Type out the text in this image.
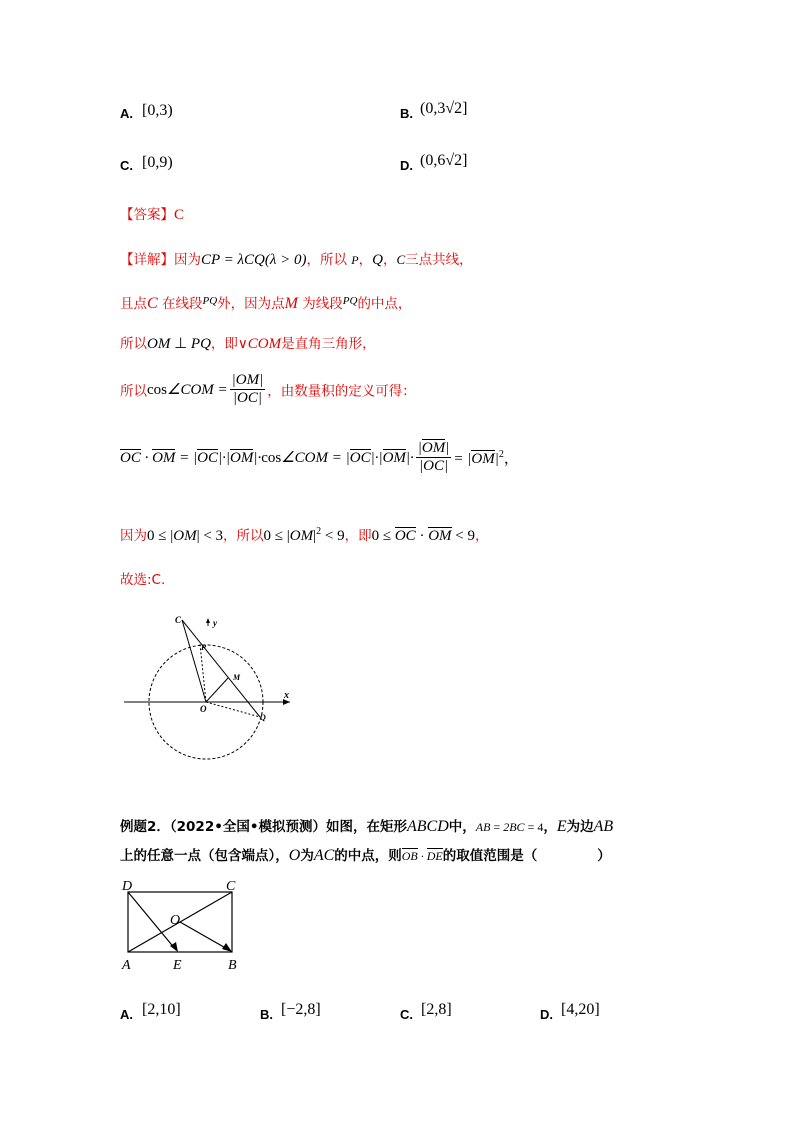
A. [0,3)	B. (0,3√2]
C. [0,9)	D. (0,6√2]
【答案】C
【详解】因为CP = λCQ(λ > 0)，所以 P，Q，C三点共线，
且点C 在线段$^{PQ}$外，因为点M 为线段$^{PQ}$的中点，
所以OM ⊥ PQ，即∨COM是直角三角形，
所以cos∠COM = $\frac{|OM|}{|OC|}$ ，由数量积的定义可得：
OC · OM = |OC|·|OM|·cos∠COM = $|OC|\cdot|OM|\cdot \frac{|OM|}{|OC|} = |OM|^2$，
因为0 ≤ |OM| < 3，所以$0 \le |OM|^2 < 9$，即0 ≤ OC · OM < 9，
故选:C.
C	y
P
M
x
O
Q
例题2．（2022•全国•模拟预测）如图，在矩形ABCD中，AB = 2BC = 4，E为边AB
上的任意一点（包含端点），O为AC的中点，则OB · DE的取值范围是（	）
D	C
O
A	E	B
A. [2,10]	B. [−2,8]	C. [2,8]	D. [4,20]
